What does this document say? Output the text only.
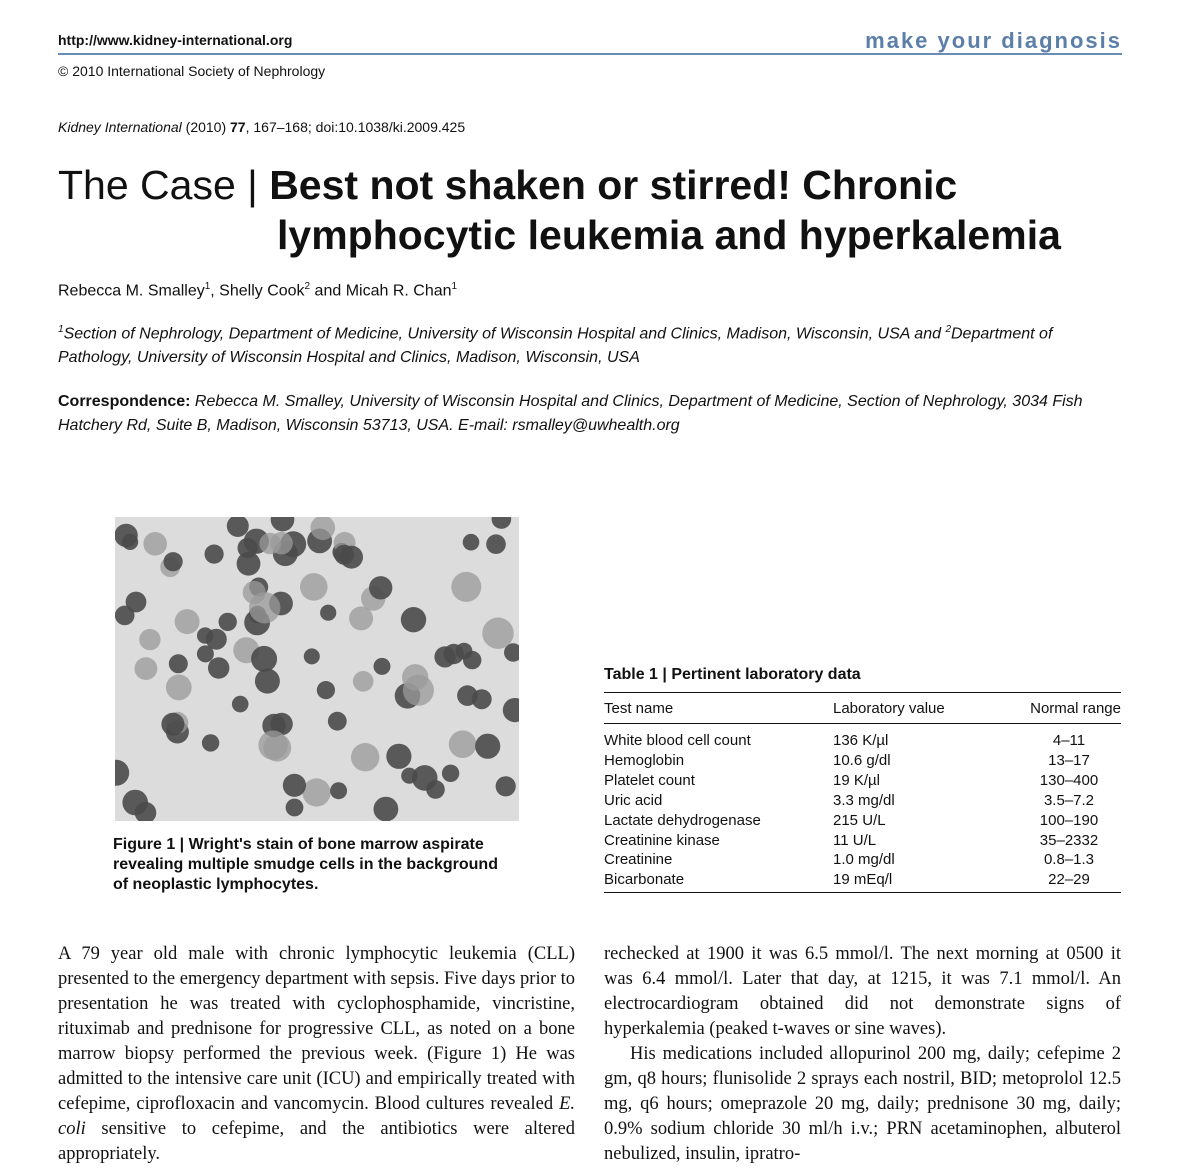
http://www.kidney-international.org	make your diagnosis
© 2010 International Society of Nephrology
Kidney International (2010) 77, 167–168; doi:10.1038/ki.2009.425
The Case | Best not shaken or stirred! Chronic
lymphocytic leukemia and hyperkalemia
Rebecca M. Smalley$^1$, Shelly Cook$^2$ and Micah R. Chan$^1$
$^1$Section of Nephrology, Department of Medicine, University of Wisconsin Hospital and Clinics, Madison, Wisconsin, USA and $^2$Department of Pathology, University of Wisconsin Hospital and Clinics, Madison, Wisconsin, USA
Correspondence: Rebecca M. Smalley, University of Wisconsin Hospital and Clinics, Department of Medicine, Section of Nephrology, 3034 Fish Hatchery Rd, Suite B, Madison, Wisconsin 53713, USA. E-mail: rsmalley@uwhealth.org
Figure 1 | Wright's stain of bone marrow aspirate revealing multiple smudge cells in the background of neoplastic lymphocytes.
Table 1 | Pertinent laboratory data
Test name	Laboratory value	Normal range
White blood cell count	136 K/µl	4–11
Hemoglobin	10.6 g/dl	13–17
Platelet count	19 K/µl	130–400
Uric acid	3.3 mg/dl	3.5–7.2
Lactate dehydrogenase	215 U/L	100–190
Creatinine kinase	11 U/L	35–2332
Creatinine	1.0 mg/dl	0.8–1.3
Bicarbonate	19 mEq/l	22–29
A 79 year old male with chronic lymphocytic leukemia (CLL) presented to the emergency department with sepsis. Five days prior to presentation he was treated with cyclophosphamide, vincristine, rituximab and prednisone for progressive CLL, as noted on a bone marrow biopsy performed the previous week. (Figure 1) He was admitted to the intensive care unit (ICU) and empirically treated with cefepime, ciprofloxacin and vancomycin. Blood cultures revealed E. coli sensitive to cefepime, and the antibiotics were altered appropriately.
rechecked at 1900 it was 6.5 mmol/l. The next morning at 0500 it was 6.4 mmol/l. Later that day, at 1215, it was 7.1 mmol/l. An electrocardiogram obtained did not demonstrate signs of hyperkalemia (peaked t-waves or sine waves).
His medications included allopurinol 200 mg, daily; cefepime 2 gm, q8 hours; flunisolide 2 sprays each nostril, BID; metoprolol 12.5 mg, q6 hours; omeprazole 20 mg, daily; prednisone 30 mg, daily; 0.9% sodium chloride 30 ml/h i.v.; PRN acetaminophen, albuterol nebulized, insulin, ipratro-
